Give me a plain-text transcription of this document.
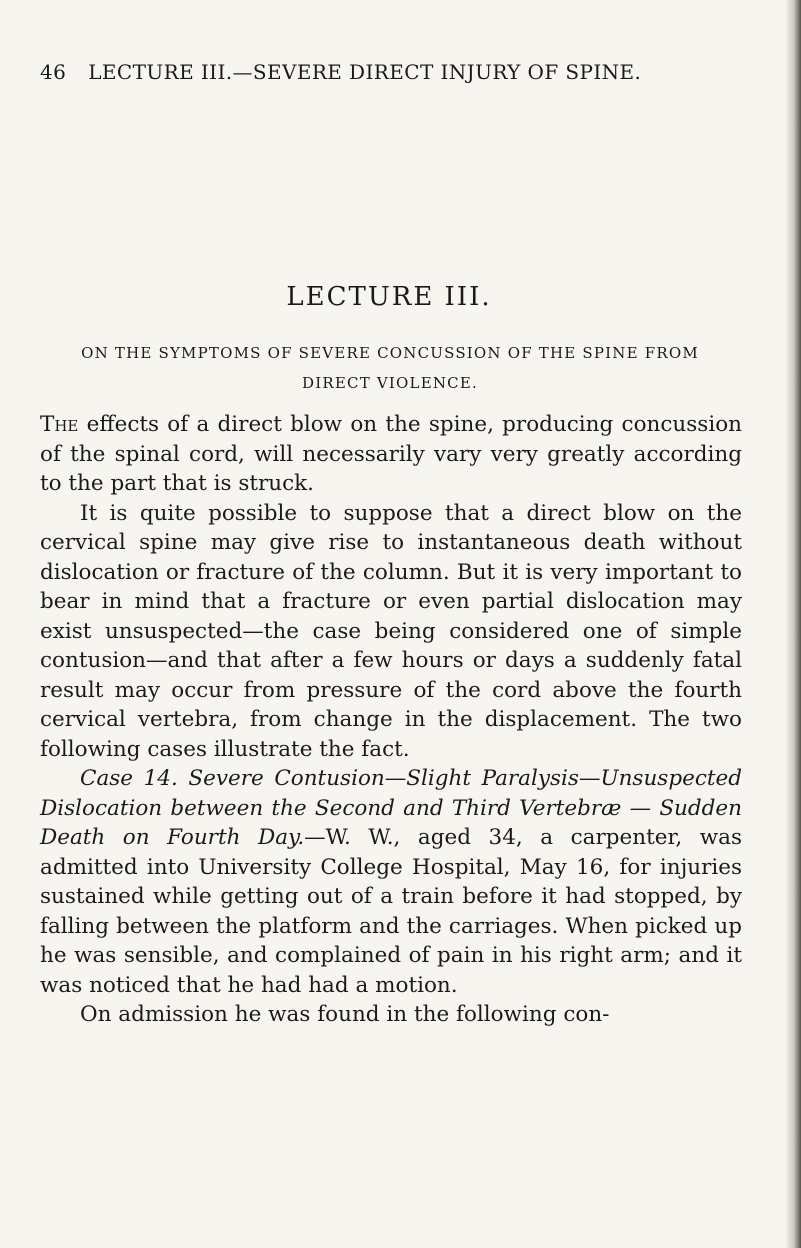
46 LECTURE III.—SEVERE DIRECT INJURY OF SPINE.
LECTURE III.
ON THE SYMPTOMS OF SEVERE CONCUSSION OF THE SPINE FROM DIRECT VIOLENCE.

The effects of a direct blow on the spine, producing concussion of the spinal cord, will necessarily vary very greatly according to the part that is struck.

It is quite possible to suppose that a direct blow on the cervical spine may give rise to instantaneous death without dislocation or fracture of the column. But it is very important to bear in mind that a fracture or even partial dislocation may exist unsuspected—the case being considered one of simple contusion—and that after a few hours or days a suddenly fatal result may occur from pressure of the cord above the fourth cervical vertebra, from change in the displacement. The two following cases illustrate the fact.

Case 14. Severe Contusion—Slight Paralysis—Unsuspected Dislocation between the Second and Third Vertebræ — Sudden Death on Fourth Day.—W. W., aged 34, a carpenter, was admitted into University College Hospital, May 16, for injuries sustained while getting out of a train before it had stopped, by falling between the platform and the carriages. When picked up he was sensible, and complained of pain in his right arm; and it was noticed that he had had a motion.

On admission he was found in the following con-
